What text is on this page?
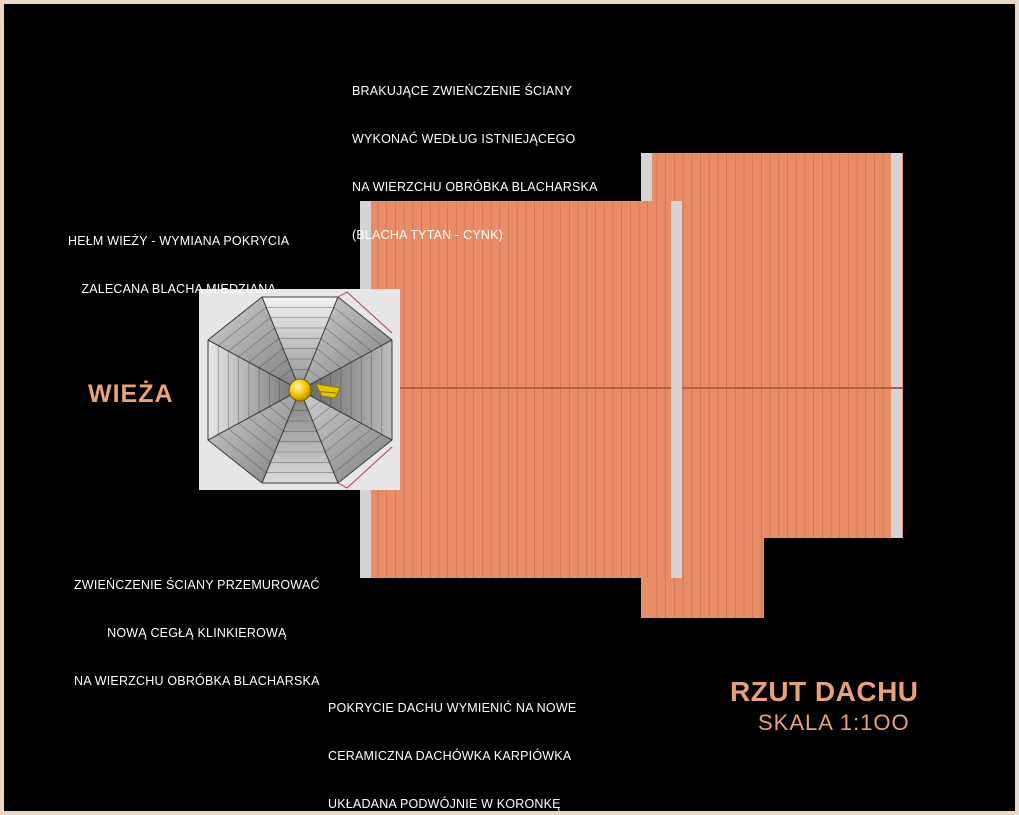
BRAKUJĄCE ZWIEŃCZENIE ŚCIANY

WYKONAĆ WEDŁUG ISTNIEJĄCEGO

NA WIERZCHU OBRÓBKA BLACHARSKA

(BLACHA TYTAN - CYNK)

HEŁM WIEŻY - WYMIANA POKRYCIA

ZALECANA BLACHA MIEDZIANA

ZWIEŃCZENIE ŚCIANY PRZEMUROWAĆ

NOWĄ CEGŁĄ KLINKIEROWĄ

NA WIERZCHU OBRÓBKA BLACHARSKA

POKRYCIE DACHU WYMIENIĆ NA NOWE

CERAMICZNA DACHÓWKA KARPIÓWKA

UKŁADANA PODWÓJNIE W KORONKĘ

WIEŻA
RZUT DACHU
SKALA 1:1OO
